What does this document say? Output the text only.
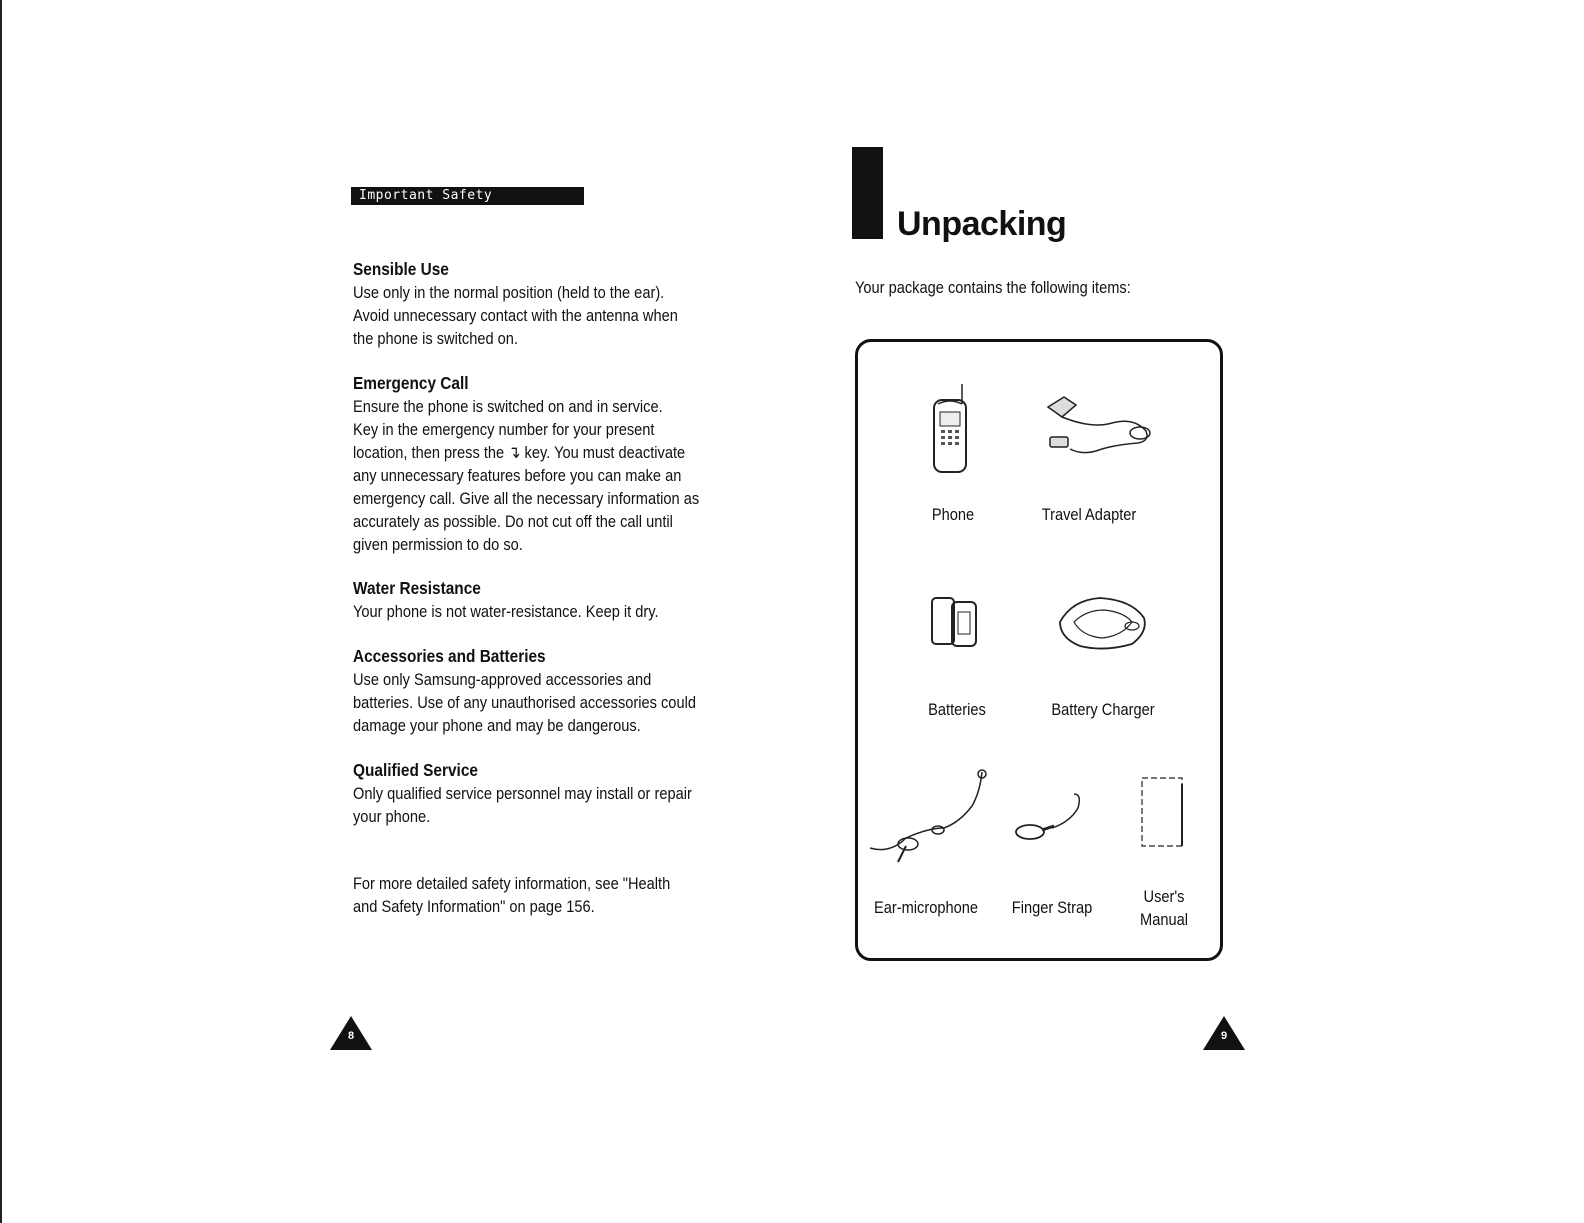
Important Safety Precautions

Sensible Use

Use only in the normal position (held to the ear).
Avoid unnecessary contact with the antenna when
the phone is switched on.

Emergency Call

Ensure the phone is switched on and in service.
Key in the emergency number for your present
location, then press the ↴ key. You must deactivate
any unnecessary features before you can make an
emergency call. Give all the necessary information as
accurately as possible. Do not cut off the call until
given permission to do so.

Water Resistance

Your phone is not water-resistance. Keep it dry.

Accessories and Batteries

Use only Samsung-approved accessories and
batteries. Use of any unauthorised accessories could
damage your phone and may be dangerous.

Qualified Service

Only qualified service personnel may install or repair
your phone.

For more detailed safety information, see "Health
and Safety Information" on page 156.

8
Unpacking

Your package contains the following items:

Phone	Travel Adapter
Batteries	Battery Charger
Ear-microphone Finger Strap
User's
Manual
9
